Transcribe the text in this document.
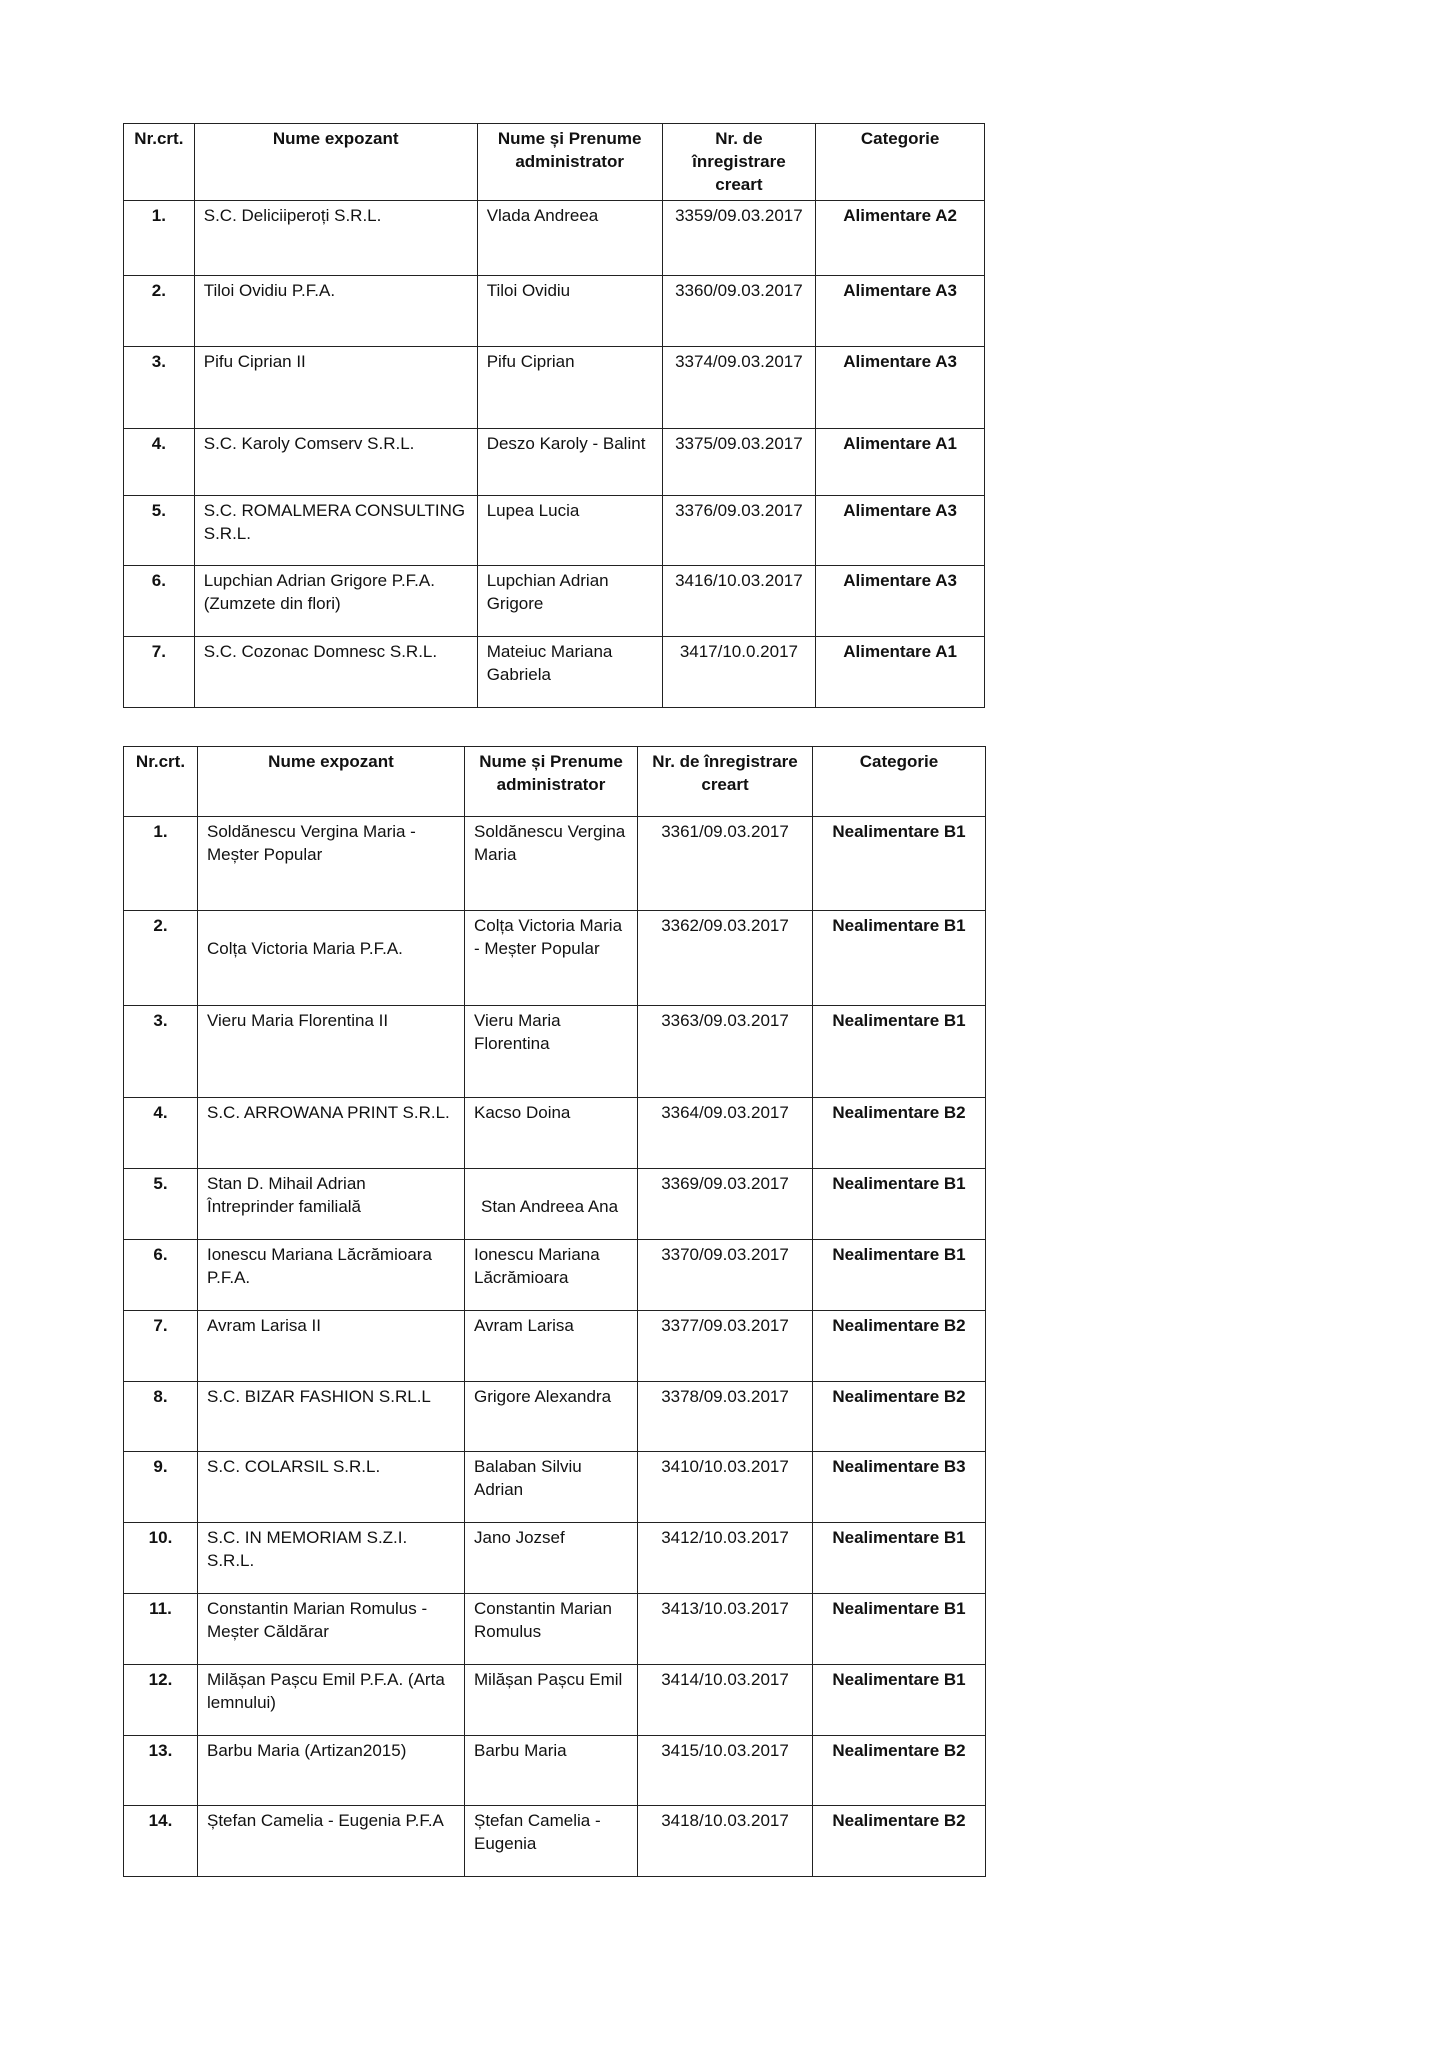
Nr.crt.	Nume expozant	Nume și Prenume administrator	Nr. de înregistrare creart	Categorie
1.	S.C. Deliciiperoți S.R.L.	Vlada Andreea	3359/09.03.2017	Alimentare A2
2.	Tiloi Ovidiu P.F.A.	Tiloi Ovidiu	3360/09.03.2017	Alimentare A3
3.	Pifu Ciprian II	Pifu Ciprian	3374/09.03.2017	Alimentare A3
4.	S.C. Karoly Comserv S.R.L.	Deszo Karoly - Balint	3375/09.03.2017	Alimentare A1
5.	S.C. ROMALMERA CONSULTING S.R.L.	Lupea Lucia	3376/09.03.2017	Alimentare A3
6.	Lupchian Adrian Grigore P.F.A. (Zumzete din flori)	Lupchian Adrian Grigore	3416/10.03.2017	Alimentare A3
7.	S.C. Cozonac Domnesc S.R.L.	Mateiuc Mariana Gabriela	3417/10.0.2017	Alimentare A1
Nr.crt.	Nume expozant	Nume și Prenume administrator	Nr. de înregistrare creart	Categorie
1.	Soldănescu Vergina Maria - Meșter Popular	Soldănescu Vergina Maria	3361/09.03.2017	Nealimentare B1
2.	Colța Victoria Maria P.F.A.	Colța Victoria Maria - Meșter Popular	3362/09.03.2017	Nealimentare B1
3.	Vieru Maria Florentina II	Vieru Maria Florentina	3363/09.03.2017	Nealimentare B1
4.	S.C. ARROWANA PRINT S.R.L.	Kacso Doina	3364/09.03.2017	Nealimentare B2
5.	Stan D. Mihail Adrian Întreprinder familială	Stan Andreea Ana	3369/09.03.2017	Nealimentare B1
6.	Ionescu Mariana Lăcrămioara P.F.A.	Ionescu Mariana Lăcrămioara	3370/09.03.2017	Nealimentare B1
7.	Avram Larisa II	Avram Larisa	3377/09.03.2017	Nealimentare B2
8.	S.C. BIZAR FASHION S.RL.L	Grigore Alexandra	3378/09.03.2017	Nealimentare B2
9.	S.C. COLARSIL S.R.L.	Balaban Silviu Adrian	3410/10.03.2017	Nealimentare B3
10.	S.C. IN MEMORIAM S.Z.I. S.R.L.	Jano Jozsef	3412/10.03.2017	Nealimentare B1
11.	Constantin Marian Romulus - Meșter Căldărar	Constantin Marian Romulus	3413/10.03.2017	Nealimentare B1
12.	Milășan Pașcu Emil P.F.A. (Arta lemnului)	Milășan Pașcu Emil	3414/10.03.2017	Nealimentare B1
13.	Barbu Maria (Artizan2015)	Barbu Maria	3415/10.03.2017	Nealimentare B2
14.	Ștefan Camelia - Eugenia P.F.A	Ștefan Camelia - Eugenia	3418/10.03.2017	Nealimentare B2
